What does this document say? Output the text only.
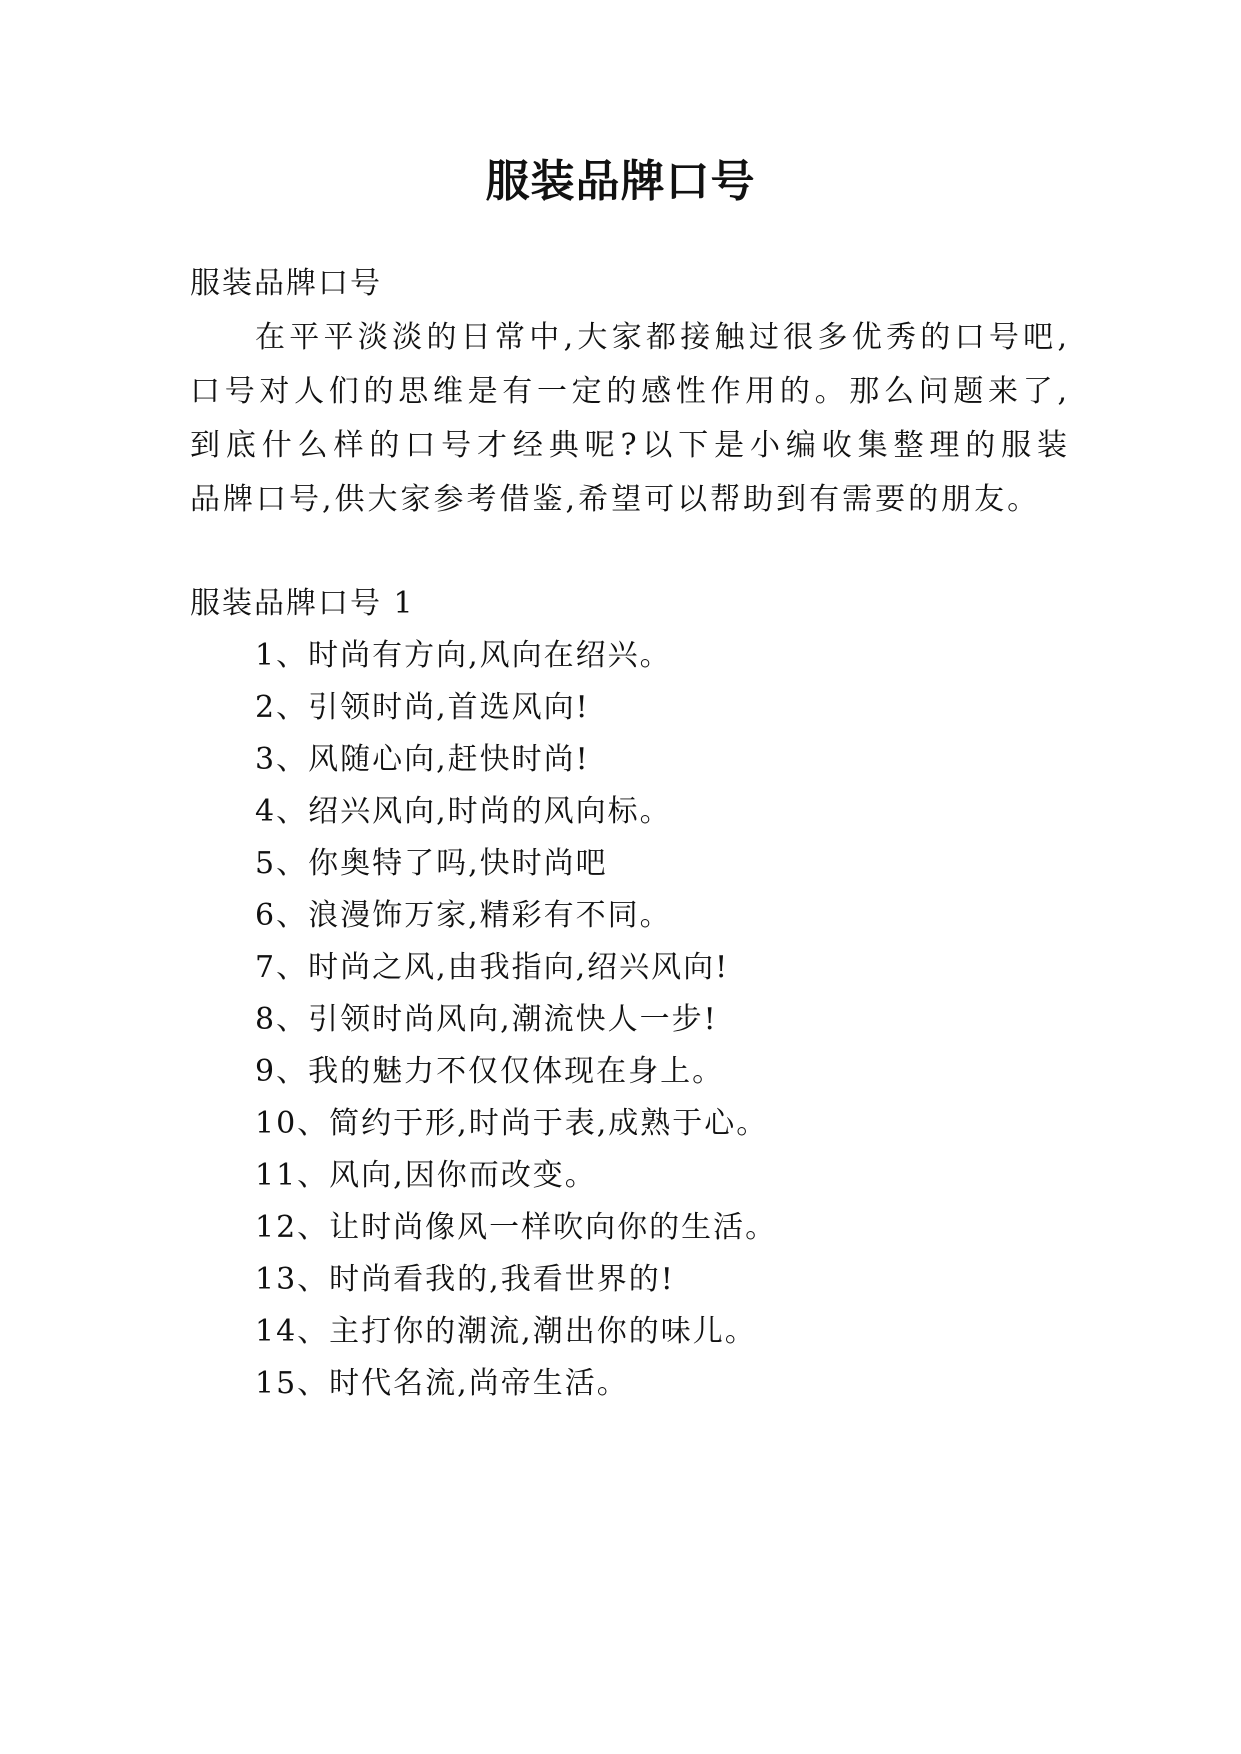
服装品牌口号
服装品牌口号
在平平淡淡的日常中,大家都接触过很多优秀的口号吧,
口号对人们的思维是有一定的感性作用的。那么问题来了,
到底什么样的口号才经典呢?以下是小编收集整理的服装
品牌口号,供大家参考借鉴,希望可以帮助到有需要的朋友。
服装品牌口号 1
1、时尚有方向,风向在绍兴。
2、引领时尚,首选风向!
3、风随心向,赶快时尚!
4、绍兴风向,时尚的风向标。
5、你奥特了吗,快时尚吧
6、浪漫饰万家,精彩有不同。
7、时尚之风,由我指向,绍兴风向!
8、引领时尚风向,潮流快人一步!
9、我的魅力不仅仅体现在身上。
10、简约于形,时尚于表,成熟于心。
11、风向,因你而改变。
12、让时尚像风一样吹向你的生活。
13、时尚看我的,我看世界的!
14、主打你的潮流,潮出你的味儿。
15、时代名流,尚帝生活。
